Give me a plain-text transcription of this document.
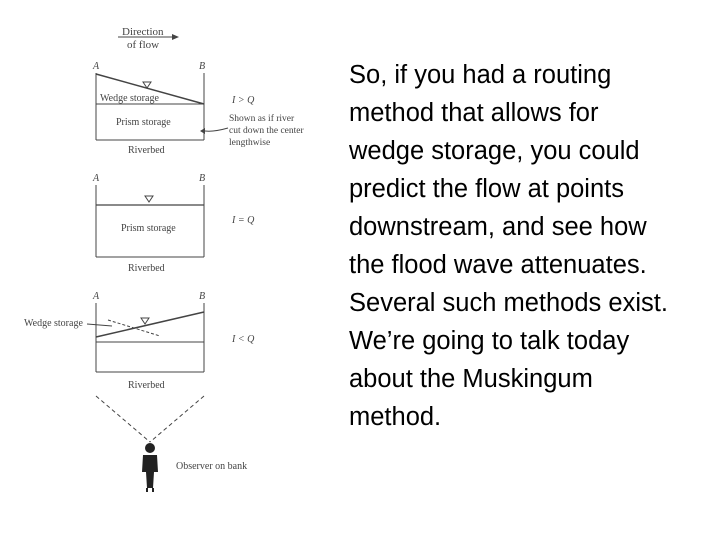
Direction
of flow
A	B
Wedge storage
Prism storage
Riverbed
I > Q
Shown as if river
cut down the center
lengthwise
A	B
Prism storage
Riverbed
I = Q
A	B
Wedge storage
Riverbed
I < Q
Observer on bank
So, if you had a routing
method that allows for
wedge storage, you could
predict the flow at points
downstream, and see how
the flood wave attenuates.
Several such methods exist.
We’re going to talk today
about the Muskingum
method.
